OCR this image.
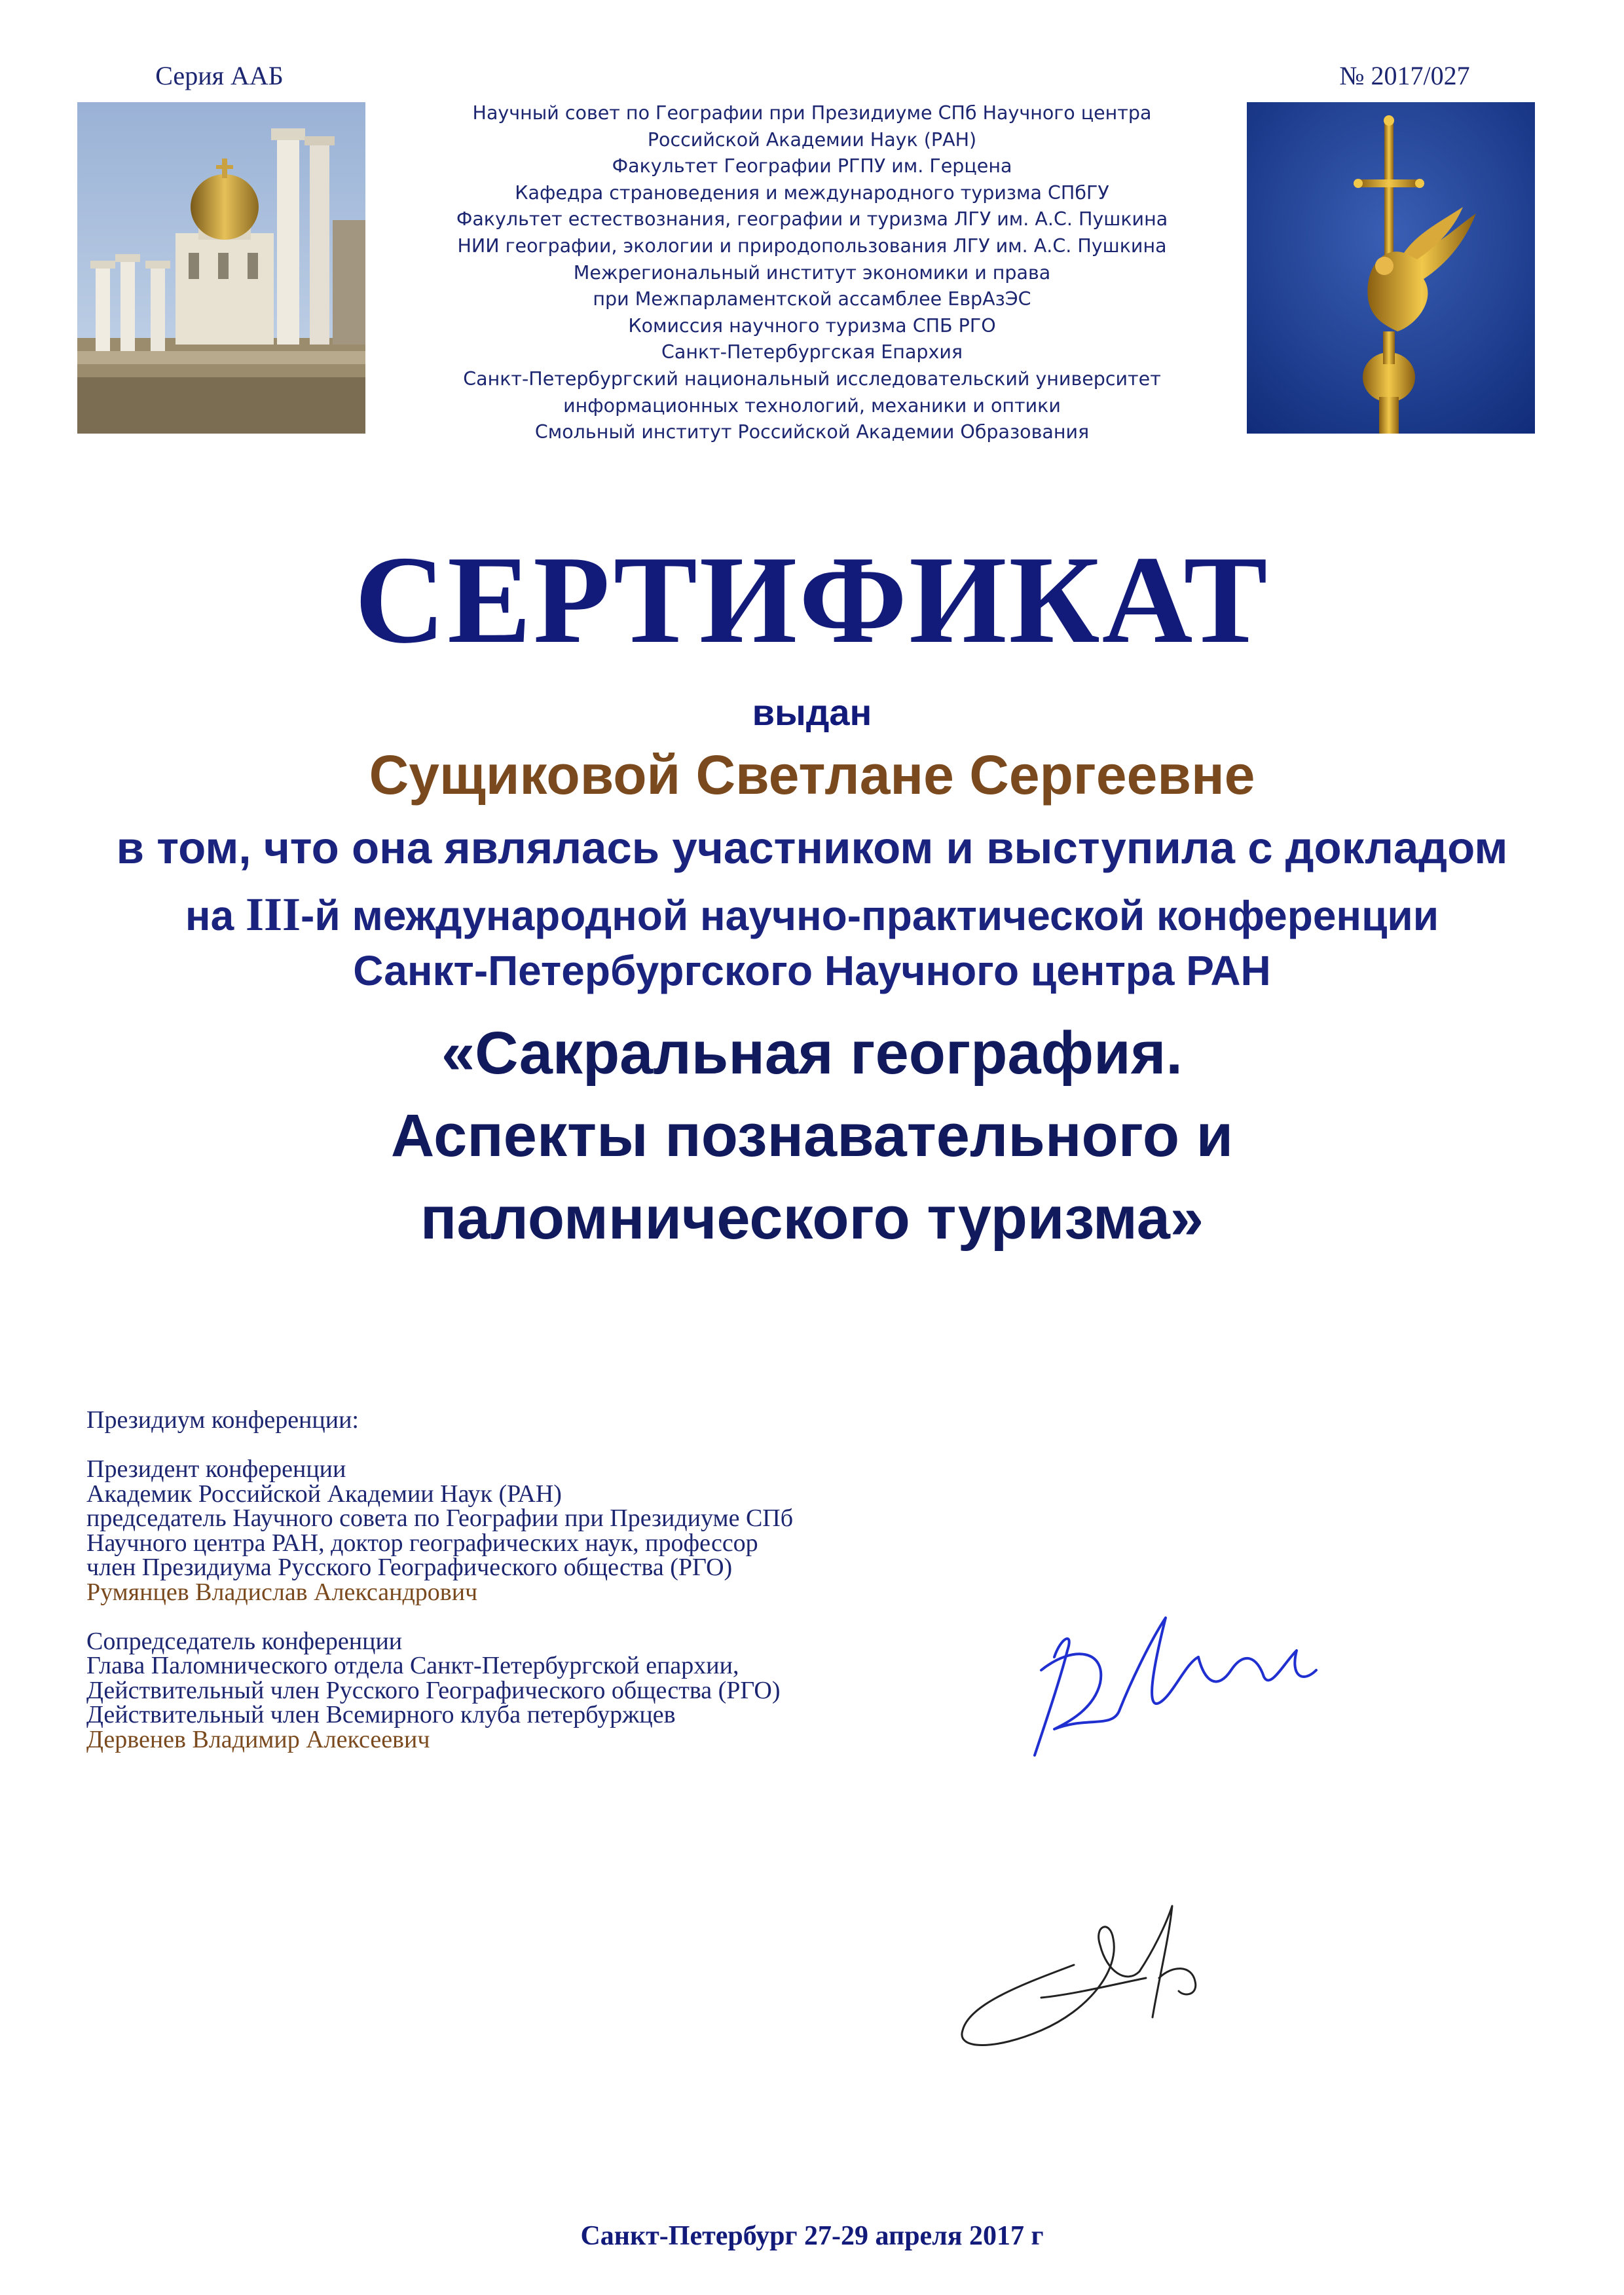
Серия ААБ	№ 2017/027
Научный совет по Географии при Президиуме СПб Научного центра
Российской Академии Наук (РАН)
Факультет Географии РГПУ им. Герцена
Кафедра страноведения и международного туризма СПбГУ
Факультет естествознания, географии и туризма ЛГУ им. А.С. Пушкина
НИИ географии, экологии и природопользования ЛГУ им. А.С. Пушкина
Межрегиональный институт экономики и права
при Межпарламентской ассамблее ЕврАзЭС
Комиссия научного туризма СПБ РГО
Санкт-Петербургская Епархия
Санкт-Петербургский национальный исследовательский университет
информационных технологий, механики и оптики
Смольный институт Российской Академии Образования
СЕРТИФИКАТ
выдан
Сущиковой Светлане Сергеевне
в том, что она являлась участником и выступила с докладом
на III-й международной научно-практической конференции
Санкт-Петербургского Научного центра РАН
«Сакральная география.
Аспекты познавательного и
паломнического туризма»
Президиум конференции:
Президент конференции
Академик Российской Академии Наук (РАН)
председатель Научного совета по Географии при Президиуме СПб
Научного центра РАН, доктор географических наук, профессор
член Президиума Русского Географического общества (РГО)
Румянцев Владислав Александрович
Сопредседатель конференции
Глава Паломнического отдела Санкт-Петербургской епархии,
Действительный член Русского Географического общества (РГО)
Действительный член Всемирного клуба петербуржцев
Дервенев Владимир Алексеевич
Санкт-Петербург 27-29 апреля 2017 г
